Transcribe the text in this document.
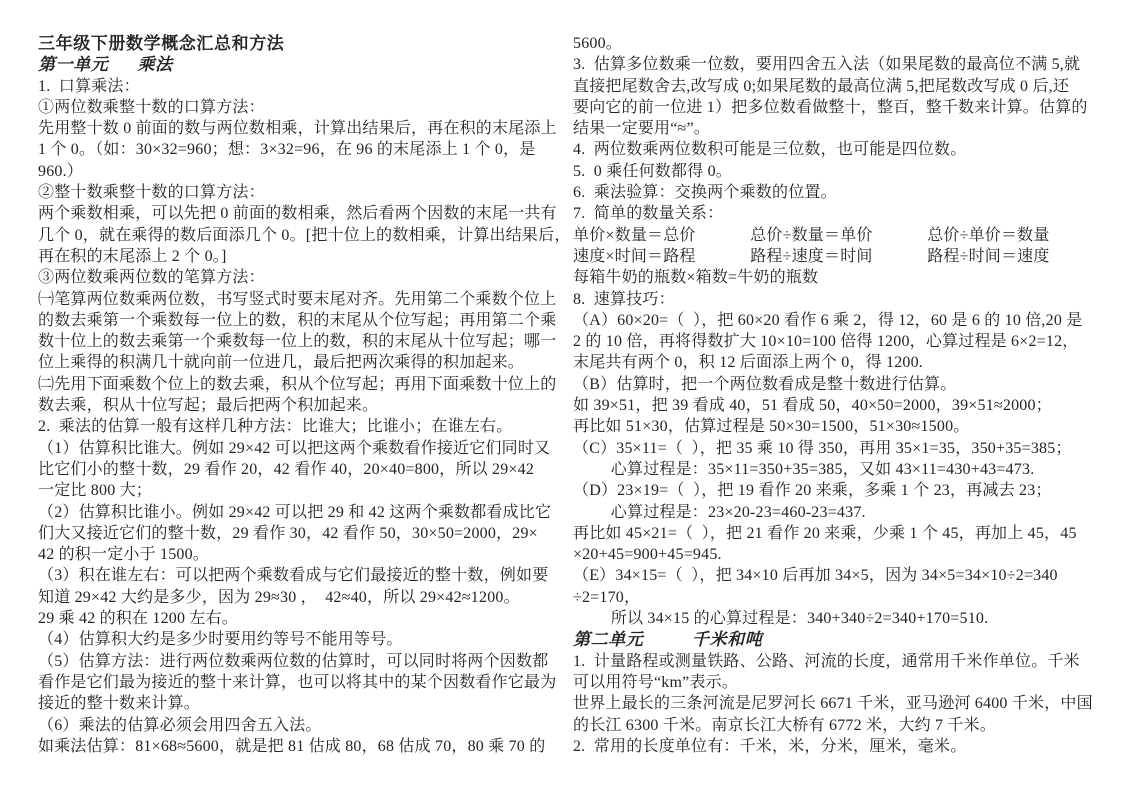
三年级下册数学概念汇总和方法
第一单元      乘法
1.  口算乘法：
①两位数乘整十数的口算方法：
先用整十数 0 前面的数与两位数相乘，计算出结果后，再在积的末尾添上
1 个 0。（如：30×32=960；想：3×32=96，在 96 的末尾添上 1 个 0，是
960.）
②整十数乘整十数的口算方法：
两个乘数相乘，可以先把 0 前面的数相乘，然后看两个因数的末尾一共有
几个 0，就在乘得的数后面添几个 0。[把十位上的数相乘，计算出结果后，
再在积的末尾添上 2 个 0。]
③两位数乘两位数的笔算方法：
㈠笔算两位数乘两位数，书写竖式时要末尾对齐。先用第二个乘数个位上
的数去乘第一个乘数每一位上的数，积的末尾从个位写起；再用第二个乘
数十位上的数去乘第一个乘数每一位上的数，积的末尾从十位写起；哪一
位上乘得的积满几十就向前一位进几，最后把两次乘得的积加起来。
㈡先用下面乘数个位上的数去乘，积从个位写起；再用下面乘数十位上的
数去乘，积从十位写起；最后把两个积加起来。
2.  乘法的估算一般有这样几种方法：比谁大；比谁小；在谁左右。
（1）估算积比谁大。例如 29×42 可以把这两个乘数看作接近它们同时又
比它们小的整十数，29 看作 20，42 看作 40，20×40=800，所以 29×42
一定比 800 大；
（2）估算积比谁小。例如 29×42 可以把 29 和 42 这两个乘数都看成比它
们大又接近它们的整十数，29 看作 30，42 看作 50，30×50=2000，29×
42 的积一定小于 1500。
（3）积在谁左右：可以把两个乘数看成与它们最接近的整十数，例如要
知道 29×42 大约是多少，因为 29≈30 ，  42≈40，所以 29×42≈1200。
29 乘 42 的积在 1200 左右。
（4）估算积大约是多少时要用约等号不能用等号。
（5）估算方法：进行两位数乘两位数的估算时，可以同时将两个因数都
看作是它们最为接近的整十来计算，也可以将其中的某个因数看作它最为
接近的整十数来计算。
（6）乘法的估算必须会用四舍五入法。
如乘法估算：81×68≈5600，就是把 81 估成 80，68 估成 70，80 乘 70 的
5600。
3.  估算多位数乘一位数，要用四舍五入法（如果尾数的最高位不满 5,就
直接把尾数舍去,改写成 0;如果尾数的最高位满 5,把尾数改写成 0 后,还
要向它的前一位进 1）把多位数看做整十，整百，整千数来计算。估算的
结果一定要用“≈”。
4.  两位数乘两位数积可能是三位数，也可能是四位数。
5.  0 乘任何数都得 0。
6.  乘法验算：交换两个乘数的位置。
7.  简单的数量关系：
单价×数量＝总价             总价÷数量＝单价             总价÷单价＝数量
速度×时间＝路程             路程÷速度＝时间             路程÷时间＝速度
每箱牛奶的瓶数×箱数=牛奶的瓶数
8.  速算技巧：
（A）60×20=（  ），把 60×20 看作 6 乘 2，得 12，60 是 6 的 10 倍,20 是
2 的 10 倍，再将得数扩大 10×10=100 倍得 1200，心算过程是 6×2=12，
末尾共有两个 0，积 12 后面添上两个 0，得 1200.
（B）估算时，把一个两位数看成是整十数进行估算。
如 39×51，把 39 看成 40，51 看成 50，40×50=2000，39×51≈2000；
再比如 51×30，估算过程是 50×30=1500，51×30≈1500。
（C）35×11=（  ），把 35 乘 10 得 350，再用 35×1=35，350+35=385；
心算过程是：35×11=350+35=385，又如 43×11=430+43=473.
（D）23×19=（  ），把 19 看作 20 来乘，多乘 1 个 23，再减去 23；
心算过程是：23×20-23=460-23=437.
再比如 45×21=（  ），把 21 看作 20 来乘，少乘 1 个 45，再加上 45，45
×20+45=900+45=945.
（E）34×15=（  ），把 34×10 后再加 34×5，因为 34×5=34×10÷2=340
÷2=170，
所以 34×15 的心算过程是：340+340÷2=340+170=510.
第二单元          千米和吨
1.  计量路程或测量铁路、公路、河流的长度，通常用千米作单位。千米
可以用符号“km”表示。
世界上最长的三条河流是尼罗河长 6671 千米，亚马逊河 6400 千米，中国
的长江 6300 千米。南京长江大桥有 6772 米，大约 7 千米。
2.  常用的长度单位有：千米，米，分米，厘米，毫米。
